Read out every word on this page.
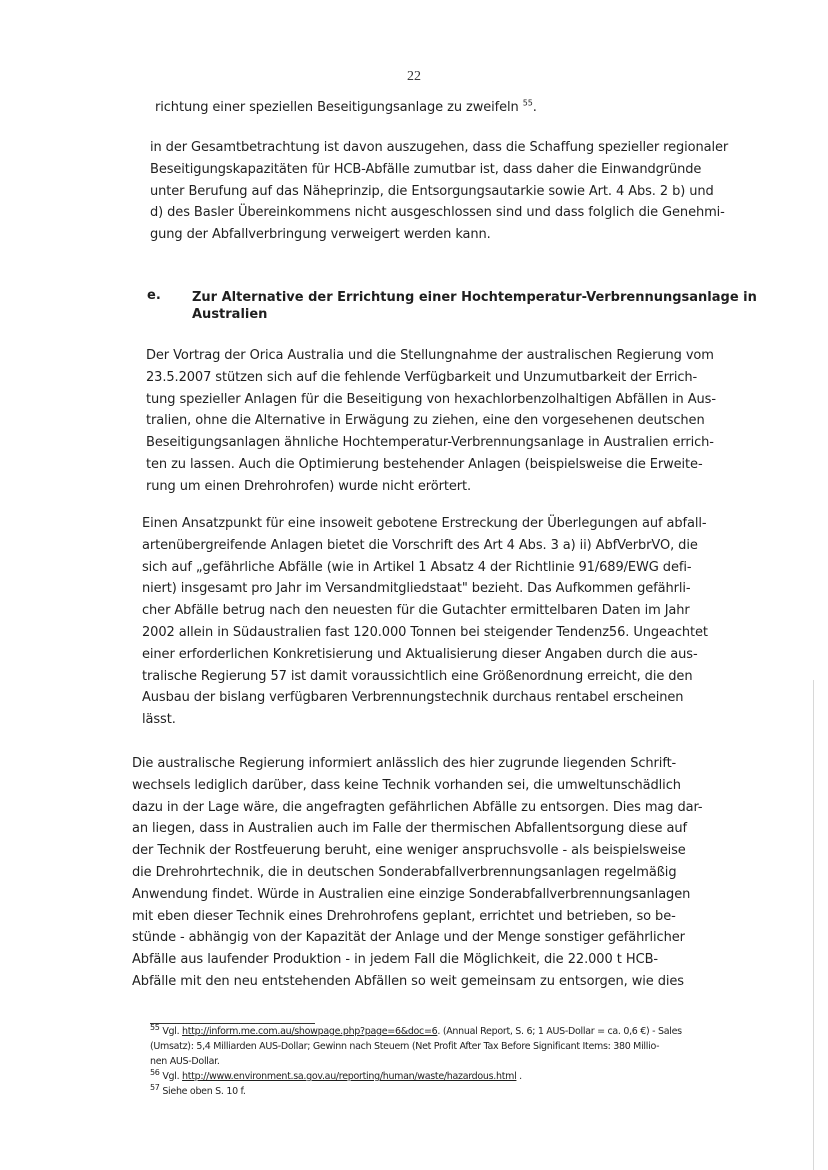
22
richtung einer speziellen Beseitigungsanlage zu zweifeln $^{55}$.
in der Gesamtbetrachtung ist davon auszugehen, dass die Schaffung spezieller regionaler
Beseitigungskapazitäten für HCB-Abfälle zumutbar ist, dass daher die Einwandgründe
unter Berufung auf das Näheprinzip, die Entsorgungsautarkie sowie Art. 4 Abs. 2 b) und
d) des Basler Übereinkommens nicht ausgeschlossen sind und dass folglich die Genehmi-
gung der Abfallverbringung verweigert werden kann.
e. Zur Alternative der Errichtung einer Hochtemperatur-Verbrennungsanlage in
Australien
Der Vortrag der Orica Australia und die Stellungnahme der australischen Regierung vom
23.5.2007 stützen sich auf die fehlende Verfügbarkeit und Unzumutbarkeit der Errich-
tung spezieller Anlagen für die Beseitigung von hexachlorbenzolhaltigen Abfällen in Aus-
tralien, ohne die Alternative in Erwägung zu ziehen, eine den vorgesehenen deutschen
Beseitigungsanlagen ähnliche Hochtemperatur-Verbrennungsanlage in Australien errich-
ten zu lassen. Auch die Optimierung bestehender Anlagen (beispielsweise die Erweite-
rung um einen Drehrohrofen) wurde nicht erörtert.
Einen Ansatzpunkt für eine insoweit gebotene Erstreckung der Überlegungen auf abfall-
artenübergreifende Anlagen bietet die Vorschrift des Art 4 Abs. 3 a) ii) AbfVerbrVO, die
sich auf „gefährliche Abfälle (wie in Artikel 1 Absatz 4 der Richtlinie 91/689/EWG defi-
niert) insgesamt pro Jahr im Versandmitgliedstaat" bezieht. Das Aufkommen gefährli-
cher Abfälle betrug nach den neuesten für die Gutachter ermittelbaren Daten im Jahr
2002 allein in Südaustralien fast 120.000 Tonnen bei steigender Tendenz56. Ungeachtet
einer erforderlichen Konkretisierung und Aktualisierung dieser Angaben durch die aus-
tralische Regierung 57 ist damit voraussichtlich eine Größenordnung erreicht, die den
Ausbau der bislang verfügbaren Verbrennungstechnik durchaus rentabel erscheinen
lässt.
Die australische Regierung informiert anlässlich des hier zugrunde liegenden Schrift-
wechsels lediglich darüber, dass keine Technik vorhanden sei, die umweltunschädlich
dazu in der Lage wäre, die angefragten gefährlichen Abfälle zu entsorgen. Dies mag dar-
an liegen, dass in Australien auch im Falle der thermischen Abfallentsorgung diese auf
der Technik der Rostfeuerung beruht, eine weniger anspruchsvolle - als beispielsweise
die Drehrohrtechnik, die in deutschen Sonderabfallverbrennungsanlagen regelmäßig
Anwendung findet. Würde in Australien eine einzige Sonderabfallverbrennungsanlagen
mit eben dieser Technik eines Drehrohrofens geplant, errichtet und betrieben, so be-
stünde - abhängig von der Kapazität der Anlage und der Menge sonstiger gefährlicher
Abfälle aus laufender Produktion - in jedem Fall die Möglichkeit, die 22.000 t HCB-
Abfälle mit den neu entstehenden Abfällen so weit gemeinsam zu entsorgen, wie dies
$^{55}$ Vgl. http://inform.me.com.au/showpage.php?page=6&doc=6. (Annual Report, S. 6; 1 AUS-Dollar = ca. 0,6 €) - Sales
(Umsatz): 5,4 Milliarden AUS-Dollar; Gewinn nach Steuern (Net Profit After Tax Before Significant Items: 380 Millio-
nen AUS-Dollar.
$^{56}$ Vgl. http://www.environment.sa.gov.au/reporting/human/waste/hazardous.html .
$^{57}$ Siehe oben S. 10 f.
